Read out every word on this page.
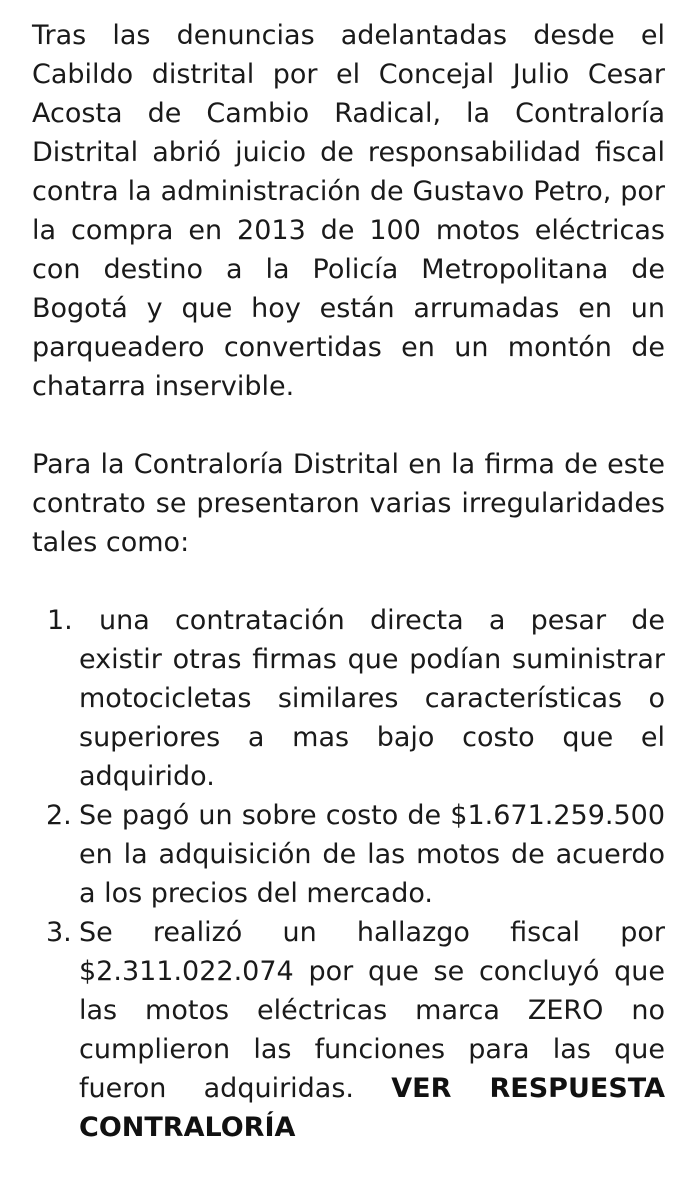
Tras las denuncias adelantadas desde el Cabildo distrital por el Concejal Julio Cesar Acosta de Cambio Radical, la Contraloría Distrital abrió juicio de responsabilidad fiscal contra la administración de Gustavo Petro, por la compra en 2013 de 100 motos eléctricas con destino a la Policía Metropolitana de Bogotá y que hoy están arrumadas en un parqueadero convertidas en un montón de chatarra inservible.

Para la Contraloría Distrital en la firma de este contrato se presentaron varias irregularidades tales como:

1. una contratación directa a pesar de existir otras firmas que podían suministrar motocicletas similares características o superiores a mas bajo costo que el adquirido.
2. Se pagó un sobre costo de $1.671.259.500 en la adquisición de las motos de acuerdo a los precios del mercado.
3. Se realizó un hallazgo fiscal por $2.311.022.074 por que se concluyó que las motos eléctricas marca ZERO no cumplieron las funciones para las que fueron adquiridas. VER RESPUESTA CONTRALORÍA
